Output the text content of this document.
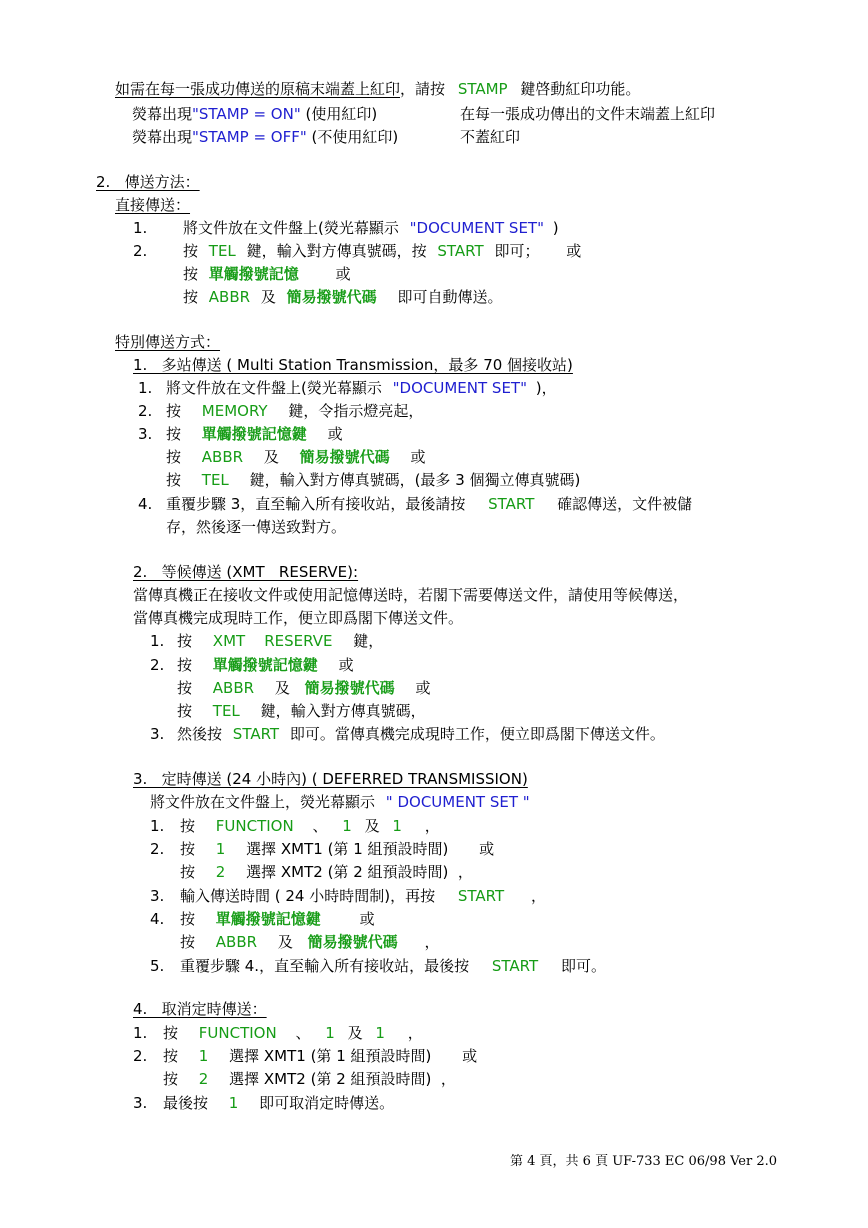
如需在每一張成功傳送的原稿末端蓋上紅印，請按 STAMP 鍵啓動紅印功能。
熒幕出現"STAMP = ON" (使用紅印)	在每一張成功傳出的文件末端蓋上紅印
熒幕出現"STAMP = OFF" (不使用紅印)	不蓋紅印
2.   傳送方法：
直接傳送：
1. 將文件放在文件盤上(熒光幕顯示 "DOCUMENT SET" )
2. 按 TEL 鍵，輸入對方傳真號碼，按 START 即可； 或
按 單觸撥號記憶 或
按 ABBR 及 簡易撥號代碼 即可自動傳送。
特別傳送方式：
1.   多站傳送 ( Multi Station Transmission，最多 70 個接收站)
1. 將文件放在文件盤上(熒光幕顯示 "DOCUMENT SET" )，
2. 按 MEMORY 鍵，令指示燈亮起，
3. 按 單觸撥號記憶鍵 或
按 ABBR 及 簡易撥號代碼 或
按 TEL 鍵，輸入對方傳真號碼，(最多 3 個獨立傳真號碼)
4. 重覆步驟 3，直至輸入所有接收站，最後請按 START 確認傳送，文件被儲
存，然後逐一傳送致對方。
2.   等候傳送 (XMT   RESERVE):
當傳真機正在接收文件或使用記憶傳送時，若閣下需要傳送文件，請使用等候傳送，
當傳真機完成現時工作，便立即爲閣下傳送文件。
1. 按 XMT    RESERVE 鍵，
2. 按 單觸撥號記憶鍵 或
按 ABBR 及 簡易撥號代碼 或
按 TEL 鍵，輸入對方傳真號碼，
3. 然後按 START 即可。當傳真機完成現時工作，便立即爲閣下傳送文件。
3.   定時傳送 (24 小時內) ( DEFERRED TRANSMISSION)
將文件放在文件盤上，熒光幕顯示 " DOCUMENT SET "
1. 按 FUNCTION 、 1 及 1 ，
2. 按 1 選擇 XMT1 (第 1 組預設時間) 或
按 2 選擇 XMT2 (第 2 組預設時間)  ，
3. 輸入傳送時間 ( 24 小時時間制)，再按 START ，
4. 按 單觸撥號記憶鍵	或
按 ABBR 及 簡易撥號代碼 ，
5. 重覆步驟 4.，直至輸入所有接收站，最後按 START 即可。
4.   取消定時傳送：
1. 按 FUNCTION 、 1 及 1 ，
2. 按 1 選擇 XMT1 (第 1 組預設時間) 或
按 2 選擇 XMT2 (第 2 組預設時間)  ，
3. 最後按 1 即可取消定時傳送。
第 4 頁，共 6 頁 UF-733 EC 06/98 Ver 2.0
